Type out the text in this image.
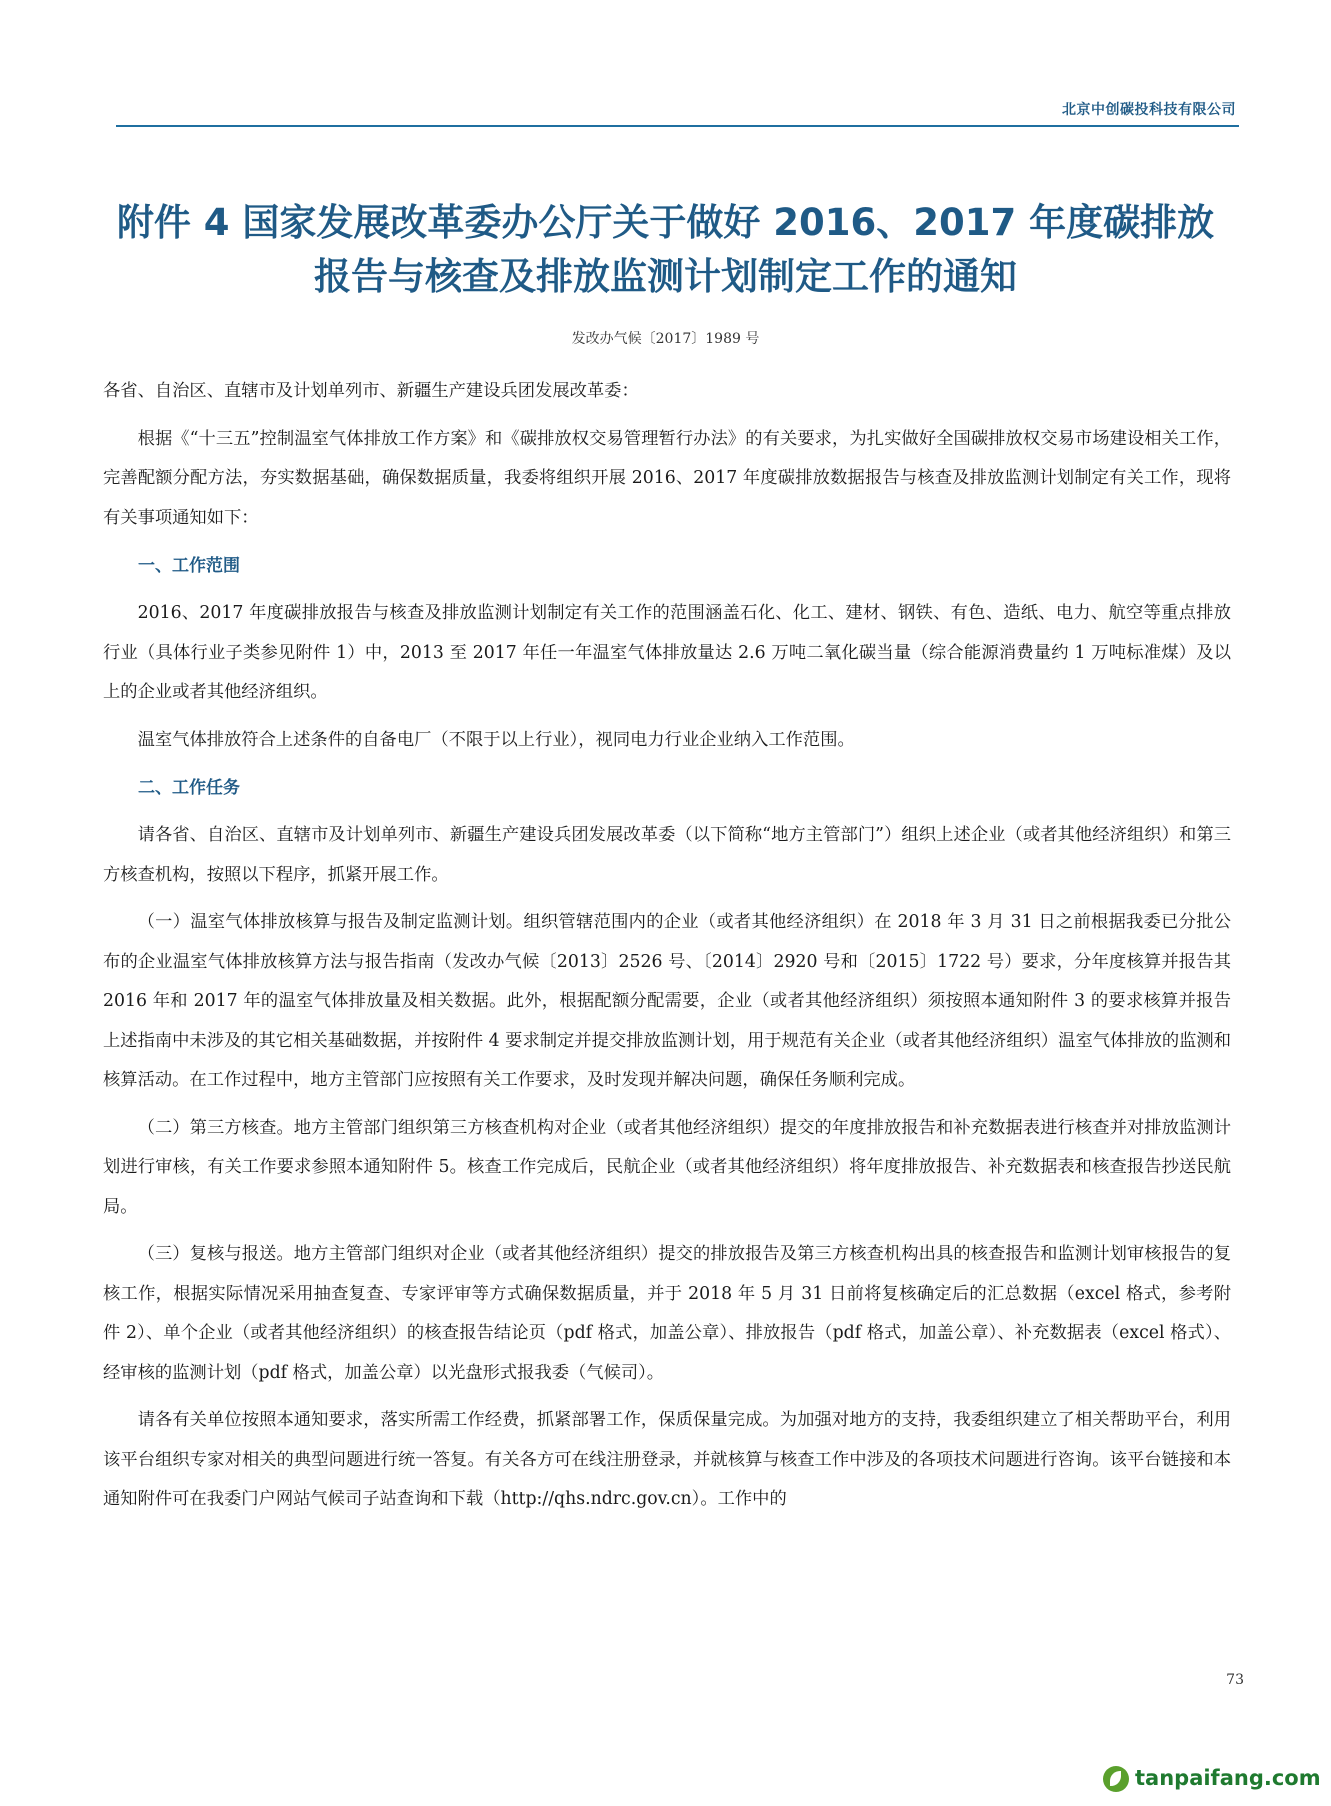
北京中创碳投科技有限公司
附件 4 国家发展改革委办公厅关于做好 2016、2017 年度碳排放
报告与核查及排放监测计划制定工作的通知
发改办气候〔2017〕1989 号

各省、自治区、直辖市及计划单列市、新疆生产建设兵团发展改革委：

根据《“十三五”控制温室气体排放工作方案》和《碳排放权交易管理暂行办法》的有关要求，为扎实做好全国碳排放权交易市场建设相关工作，完善配额分配方法，夯实数据基础，确保数据质量，我委将组织开展 2016、2017 年度碳排放数据报告与核查及排放监测计划制定有关工作，现将有关事项通知如下：

一、工作范围

2016、2017 年度碳排放报告与核查及排放监测计划制定有关工作的范围涵盖石化、化工、建材、钢铁、有色、造纸、电力、航空等重点排放行业（具体行业子类参见附件 1）中，2013 至 2017 年任一年温室气体排放量达 2.6 万吨二氧化碳当量（综合能源消费量约 1 万吨标准煤）及以上的企业或者其他经济组织。

温室气体排放符合上述条件的自备电厂（不限于以上行业），视同电力行业企业纳入工作范围。

二、工作任务

请各省、自治区、直辖市及计划单列市、新疆生产建设兵团发展改革委（以下简称“地方主管部门”）组织上述企业（或者其他经济组织）和第三方核查机构，按照以下程序，抓紧开展工作。

（一）温室气体排放核算与报告及制定监测计划。组织管辖范围内的企业（或者其他经济组织）在 2018 年 3 月 31 日之前根据我委已分批公布的企业温室气体排放核算方法与报告指南（发改办气候〔2013〕2526 号、〔2014〕2920 号和〔2015〕1722 号）要求，分年度核算并报告其 2016 年和 2017 年的温室气体排放量及相关数据。此外，根据配额分配需要，企业（或者其他经济组织）须按照本通知附件 3 的要求核算并报告上述指南中未涉及的其它相关基础数据，并按附件 4 要求制定并提交排放监测计划，用于规范有关企业（或者其他经济组织）温室气体排放的监测和核算活动。在工作过程中，地方主管部门应按照有关工作要求，及时发现并解决问题，确保任务顺利完成。

（二）第三方核查。地方主管部门组织第三方核查机构对企业（或者其他经济组织）提交的年度排放报告和补充数据表进行核查并对排放监测计划进行审核，有关工作要求参照本通知附件 5。核查工作完成后，民航企业（或者其他经济组织）将年度排放报告、补充数据表和核查报告抄送民航局。

（三）复核与报送。地方主管部门组织对企业（或者其他经济组织）提交的排放报告及第三方核查机构出具的核查报告和监测计划审核报告的复核工作，根据实际情况采用抽查复查、专家评审等方式确保数据质量，并于 2018 年 5 月 31 日前将复核确定后的汇总数据（excel 格式，参考附件 2）、单个企业（或者其他经济组织）的核查报告结论页（pdf 格式，加盖公章）、排放报告（pdf 格式，加盖公章）、补充数据表（excel 格式）、经审核的监测计划（pdf 格式，加盖公章）以光盘形式报我委（气候司）。

请各有关单位按照本通知要求，落实所需工作经费，抓紧部署工作，保质保量完成。为加强对地方的支持，我委组织建立了相关帮助平台，利用该平台组织专家对相关的典型问题进行统一答复。有关各方可在线注册登录，并就核算与核查工作中涉及的各项技术问题进行咨询。该平台链接和本通知附件可在我委门户网站气候司子站查询和下载（http://qhs.ndrc.gov.cn）。工作中的

73
tanpaifang.com
